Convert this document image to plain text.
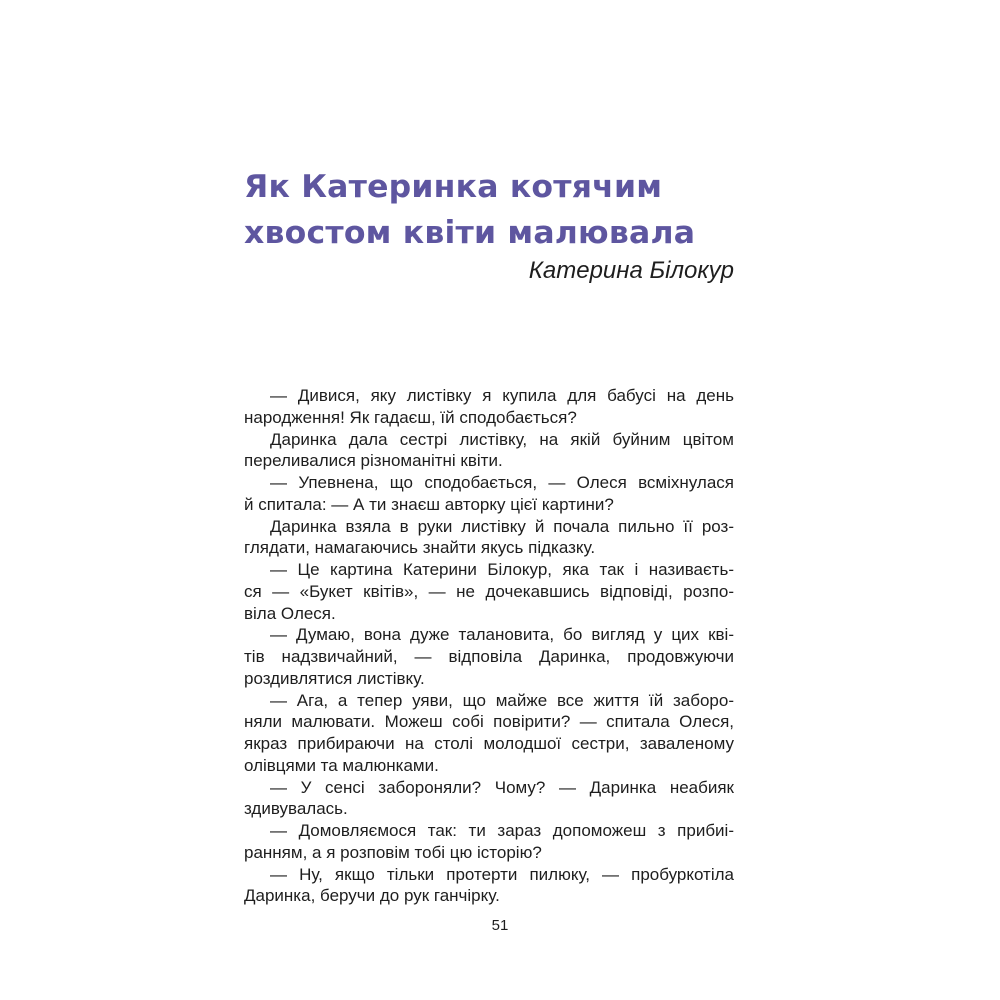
Як Катеринка котячим
хвостом квіти малювала

Катерина Білокур

— Дивися, яку листівку я купила для бабусі на день
народження! Як гадаєш, їй сподобається?
Даринка дала сестрі листівку, на якій буйним цвітом
переливалися різноманітні квіти.
— Упевнена, що сподобається, — Олеся всміхнулася
й спитала: — А ти знаєш авторку цієї картини?
Даринка взяла в руки листівку й почала пильно її роз-
глядати, намагаючись знайти якусь підказку.
— Це картина Катерини Білокур, яка так і називаєть-
ся — «Букет квітів», — не дочекавшись відповіді, розпо-
віла Олеся.
— Думаю, вона дуже талановита, бо вигляд у цих кві-
тів надзвичайний, — відповіла Даринка, продовжуючи
роздивлятися листівку.
— Ага, а тепер уяви, що майже все життя їй заборо-
няли малювати. Можеш собі повірити? — спитала Олеся,
якраз прибираючи на столі молодшої сестри, заваленому
олівцями та малюнками.
— У сенсі забороняли? Чому? — Даринка неабияк
здивувалась.
— Домовляємося так: ти зараз допоможеш з прибиі-
ранням, а я розповім тобі цю історію?
— Ну, якщо тільки протерти пилюку, — пробуркотіла
Даринка, беручи до рук ганчірку.
51
